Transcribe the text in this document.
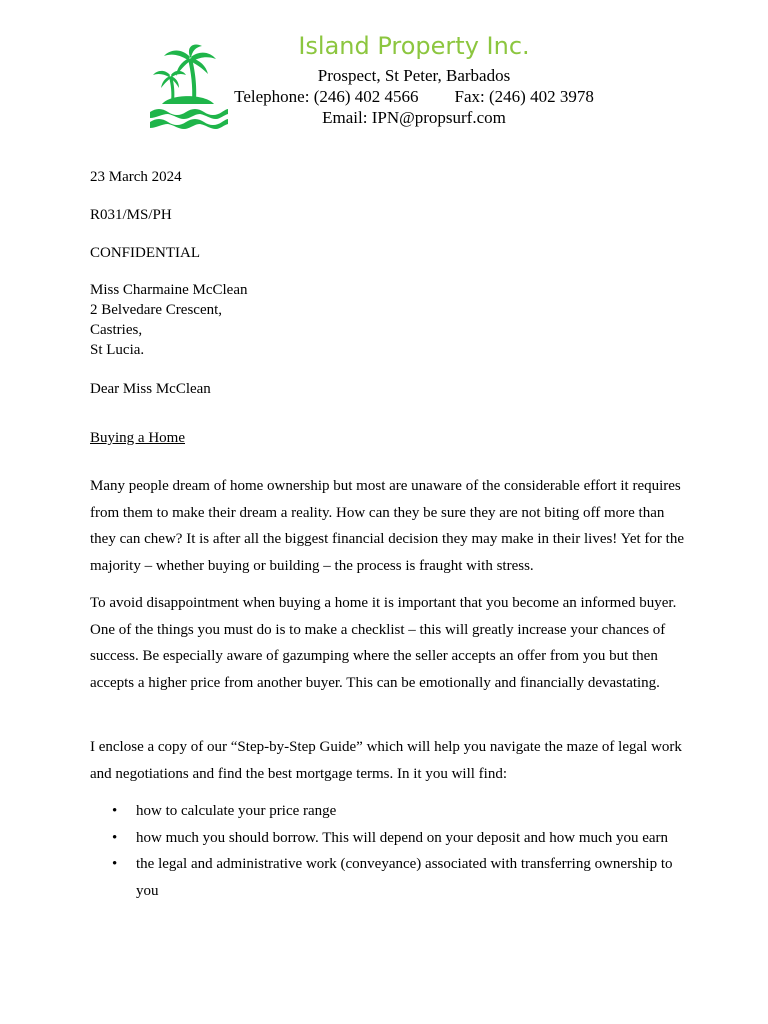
Island Property Inc.
Prospect, St Peter, Barbados
Telephone: (246) 402 4566 Fax: (246) 402 3978
Email: IPN@propsurf.com
23 March 2024
R031/MS/PH
CONFIDENTIAL
Miss Charmaine McClean
2 Belvedare Crescent,
Castries,
St Lucia.
Dear Miss McClean
Buying a Home

Many people dream of home ownership but most are unaware of the considerable effort it requires from them to make their dream a reality. How can they be sure they are not biting off more than they can chew? It is after all the biggest financial decision they may make in their lives! Yet for the majority – whether buying or building – the process is fraught with stress.

To avoid disappointment when buying a home it is important that you become an informed buyer. One of the things you must do is to make a checklist – this will greatly increase your chances of success. Be especially aware of gazumping where the seller accepts an offer from you but then accepts a higher price from another buyer. This can be emotionally and financially devastating.

I enclose a copy of our “Step-by-Step Guide” which will help you navigate the maze of legal work and negotiations and find the best mortgage terms. In it you will find:

• how to calculate your price range
• how much you should borrow. This will depend on your deposit and how much you earn
• the legal and administrative work (conveyance) associated with transferring ownership to you
